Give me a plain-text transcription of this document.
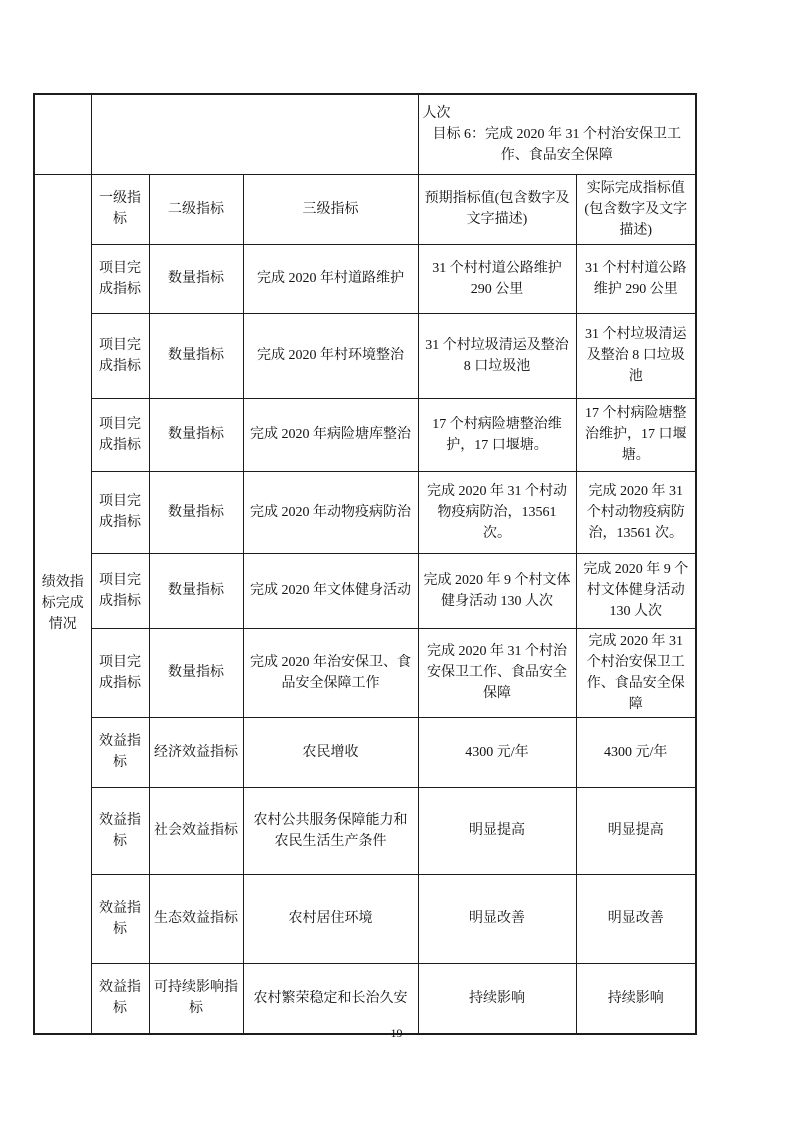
				人次
目标 6：完成 2020 年 31 个村治安保卫工作、食品安全保障	

绩效指标完成情况	一级指标	二级指标	三级指标	预期指标值(包含数字及文字描述)	实际完成指标值(包含数字及文字描述)
	项目完成指标	数量指标	完成 2020 年村道路维护	31 个村村道公路维护 290 公里	31 个村村道公路维护 290 公里
	项目完成指标	数量指标	完成 2020 年村环境整治	31 个村垃圾清运及整治 8 口垃圾池	31 个村垃圾清运及整治 8 口垃圾池
	项目完成指标	数量指标	完成 2020 年病险塘库整治	17 个村病险塘整治维护，17 口堰塘。	17 个村病险塘整治维护，17 口堰塘。
	项目完成指标	数量指标	完成 2020 年动物疫病防治	完成 2020 年 31 个村动物疫病防治，13561 次。	完成 2020 年 31 个村动物疫病防治，13561 次。
	项目完成指标	数量指标	完成 2020 年文体健身活动	完成 2020 年 9 个村文体健身活动 130 人次	完成 2020 年 9 个村文体健身活动 130 人次
	项目完成指标	数量指标	完成 2020 年治安保卫、食品安全保障工作	完成 2020 年 31 个村治安保卫工作、食品安全保障	完成 2020 年 31 个村治安保卫工作、食品安全保障
	效益指标	经济效益指标	农民增收	4300 元/年	4300 元/年
	效益指标	社会效益指标	农村公共服务保障能力和农民生活生产条件	明显提高	明显提高
	效益指标	生态效益指标	农村居住环境	明显改善	明显改善
	效益指标	可持续影响指标	农村繁荣稳定和长治久安	持续影响	持续影响
19
